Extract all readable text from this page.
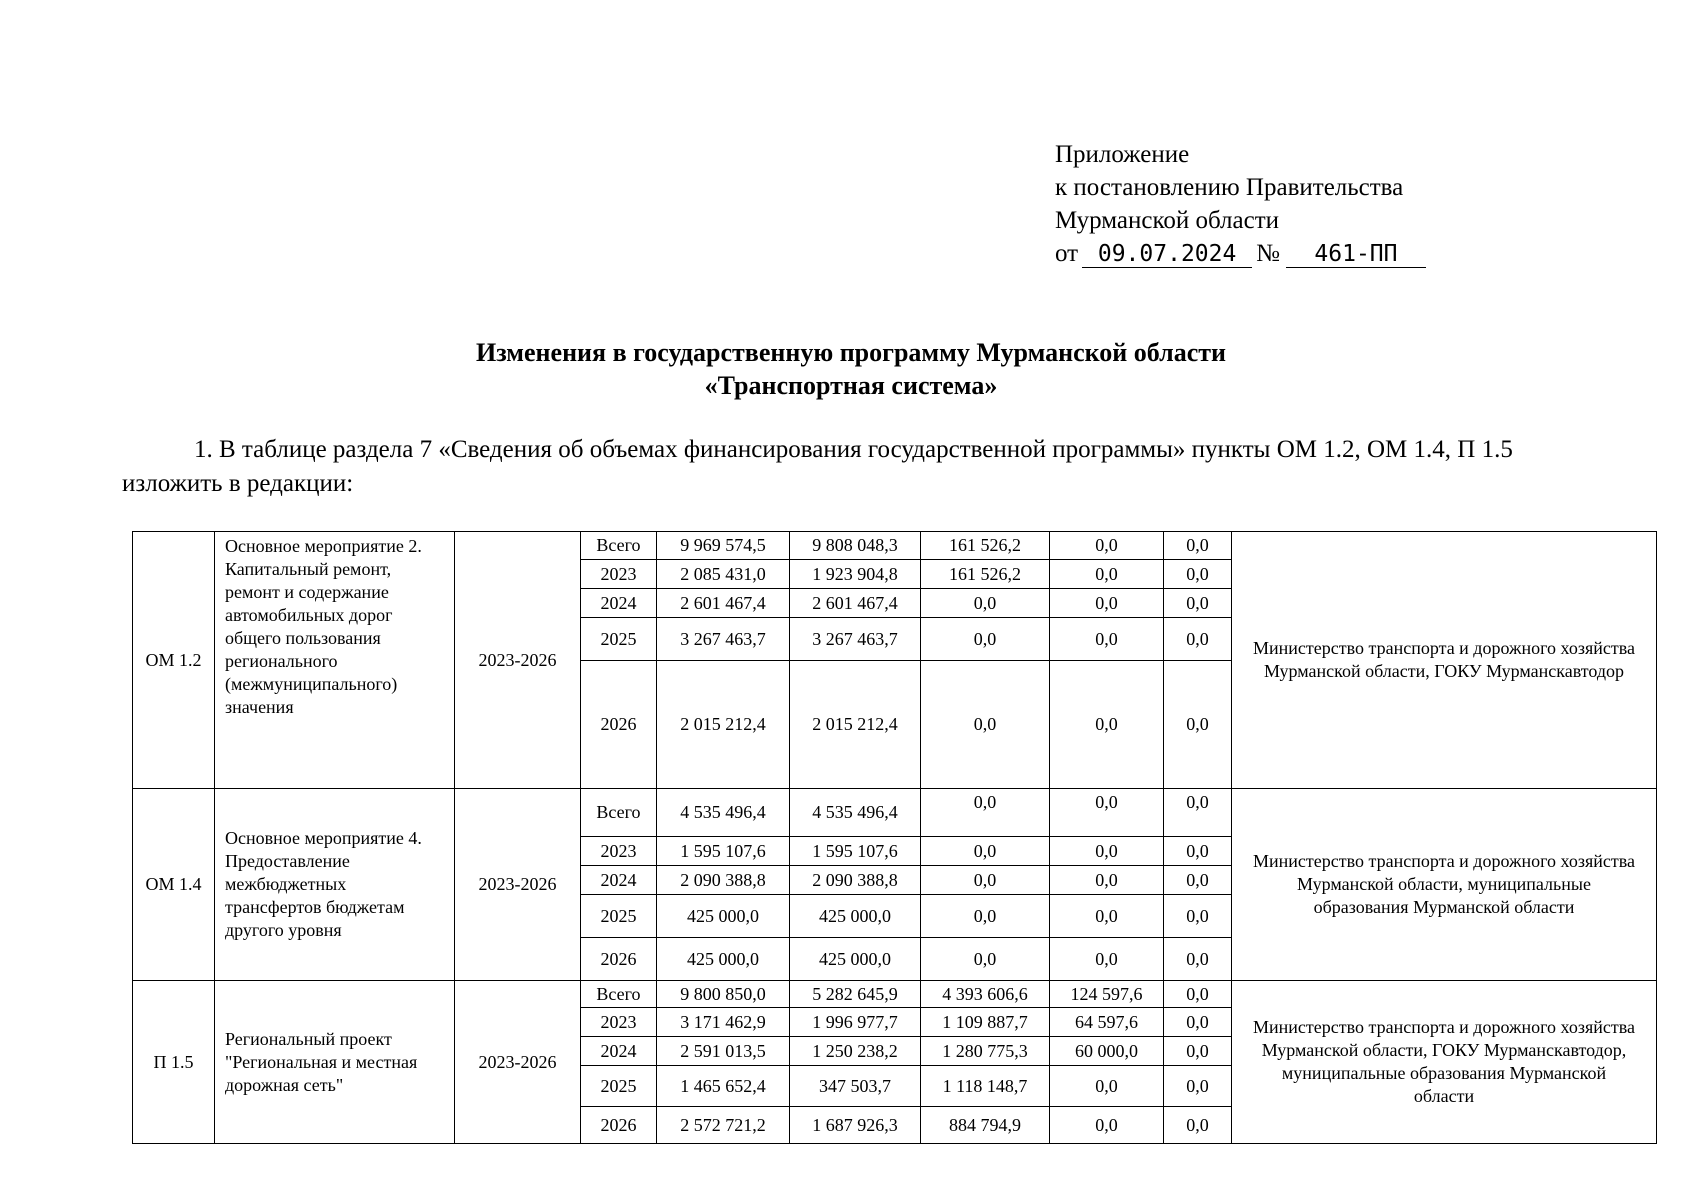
Приложение
к постановлению Правительства
Мурманской области
от 09.07.2024 № 461-ПП
Изменения в государственную программу Мурманской области
«Транспортная система»
1. В таблице раздела 7 «Сведения об объемах финансирования государственной программы» пункты ОМ 1.2, ОМ 1.4, П 1.5 изложить в редакции:
ОМ 1.2	Основное мероприятие 2. Капитальный ремонт, ремонт и содержание автомобильных дорог общего пользования регионального (межмуниципального) значения	2023-2026	Всего	9 969 574,5	9 808 048,3	161 526,2	0,0	0,0	Министерство транспорта и дорожного хозяйства Мурманской области, ГОКУ Мурманскавтодор
			2023	2 085 431,0	1 923 904,8	161 526,2	0,0	0,0	
			2024	2 601 467,4	2 601 467,4	0,0	0,0	0,0	
			2025	3 267 463,7	3 267 463,7	0,0	0,0	0,0	
			2026	2 015 212,4	2 015 212,4	0,0	0,0	0,0	
ОМ 1.4	Основное мероприятие 4. Предоставление межбюджетных трансфертов бюджетам другого уровня	2023-2026	Всего	4 535 496,4	4 535 496,4	0,0	0,0	0,0	Министерство транспорта и дорожного хозяйства Мурманской области, муниципальные образования Мурманской области
			2023	1 595 107,6	1 595 107,6	0,0	0,0	0,0	
			2024	2 090 388,8	2 090 388,8	0,0	0,0	0,0	
			2025	425 000,0	425 000,0	0,0	0,0	0,0	
			2026	425 000,0	425 000,0	0,0	0,0	0,0	
П 1.5	Региональный проект "Региональная и местная дорожная сеть"	2023-2026	Всего	9 800 850,0	5 282 645,9	4 393 606,6	124 597,6	0,0	Министерство транспорта и дорожного хозяйства Мурманской области, ГОКУ Мурманскавтодор, муниципальные образования Мурманской области
			2023	3 171 462,9	1 996 977,7	1 109 887,7	64 597,6	0,0	
			2024	2 591 013,5	1 250 238,2	1 280 775,3	60 000,0	0,0	
			2025	1 465 652,4	347 503,7	1 118 148,7	0,0	0,0	
			2026	2 572 721,2	1 687 926,3	884 794,9	0,0	0,0	
